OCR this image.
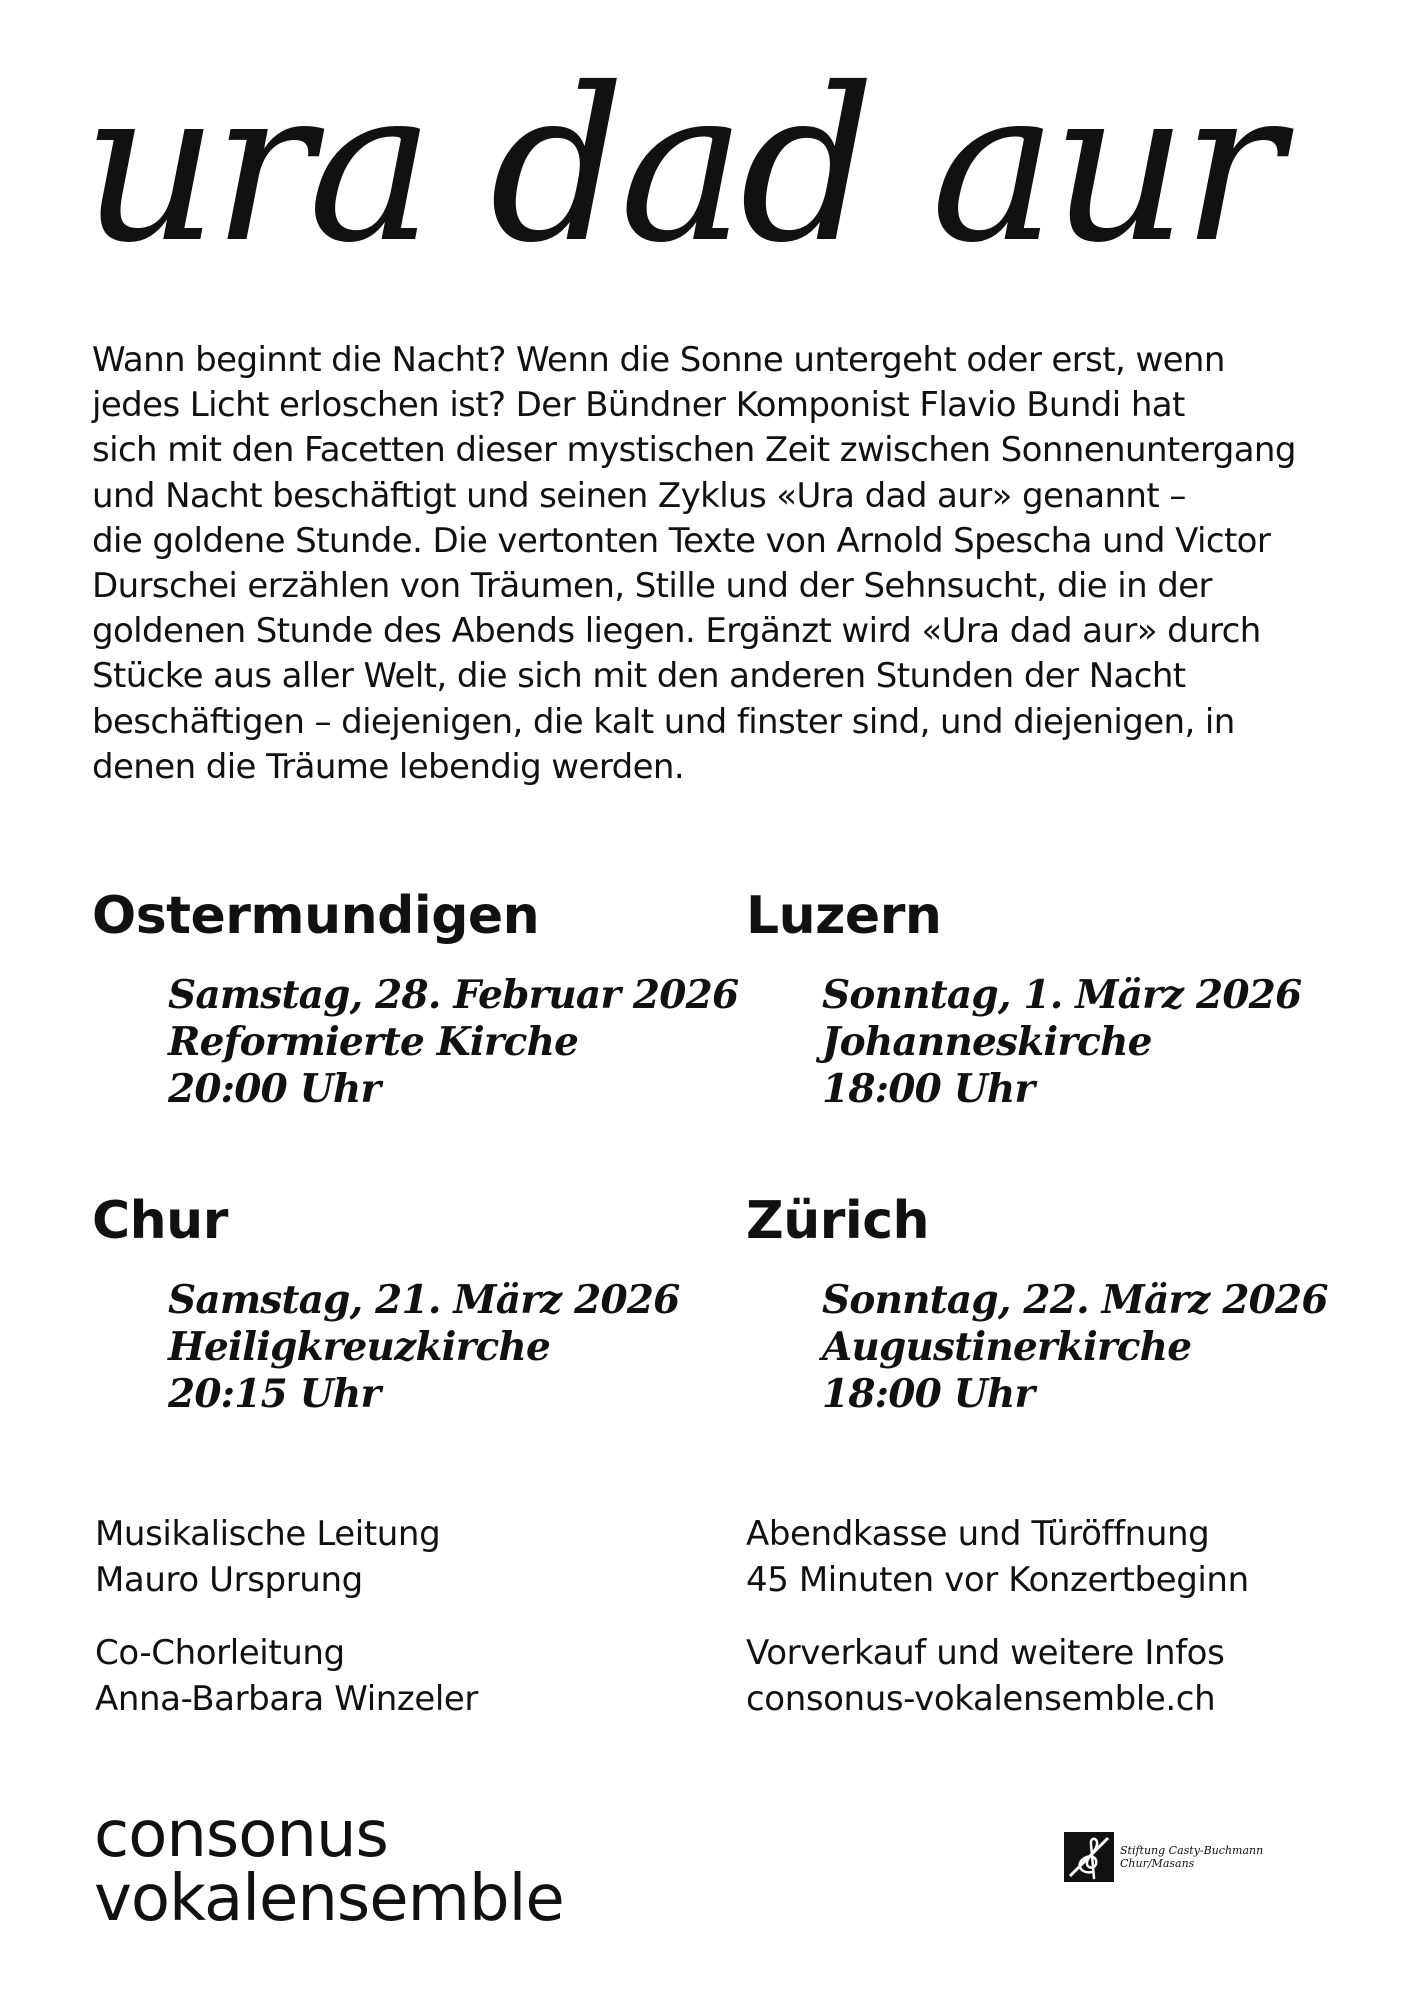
ura dad aur
Wann beginnt die Nacht? Wenn die Sonne untergeht oder erst, wenn
jedes Licht erloschen ist? Der Bündner Komponist Flavio Bundi hat
sich mit den Facetten dieser mystischen Zeit zwischen Sonnenuntergang
und Nacht beschäftigt und seinen Zyklus «Ura dad aur» genannt –
die goldene Stunde. Die vertonten Texte von Arnold Spescha und Victor
Durschei erzählen von Träumen, Stille und der Sehnsucht, die in der
goldenen Stunde des Abends liegen. Ergänzt wird «Ura dad aur» durch
Stücke aus aller Welt, die sich mit den anderen Stunden der Nacht
beschäftigen – diejenigen, die kalt und finster sind, und diejenigen, in
denen die Träume lebendig werden.
Ostermundigen
Samstag, 28. Februar 2026
Reformierte Kirche
20:00 Uhr
Luzern
Sonntag, 1. März 2026
Johanneskirche
18:00 Uhr
Chur
Samstag, 21. März 2026
Heiligkreuzkirche
20:15 Uhr
Zürich
Sonntag, 22. März 2026
Augustinerkirche
18:00 Uhr
Musikalische Leitung
Mauro Ursprung
Co-Chorleitung
Anna-Barbara Winzeler
Abendkasse und Türöffnung
45 Minuten vor Konzertbeginn
Vorverkauf und weitere Infos
consonus-vokalensemble.ch
consonus
vokalensemble
Stiftung Casty-Buchmann
Chur/Masans
